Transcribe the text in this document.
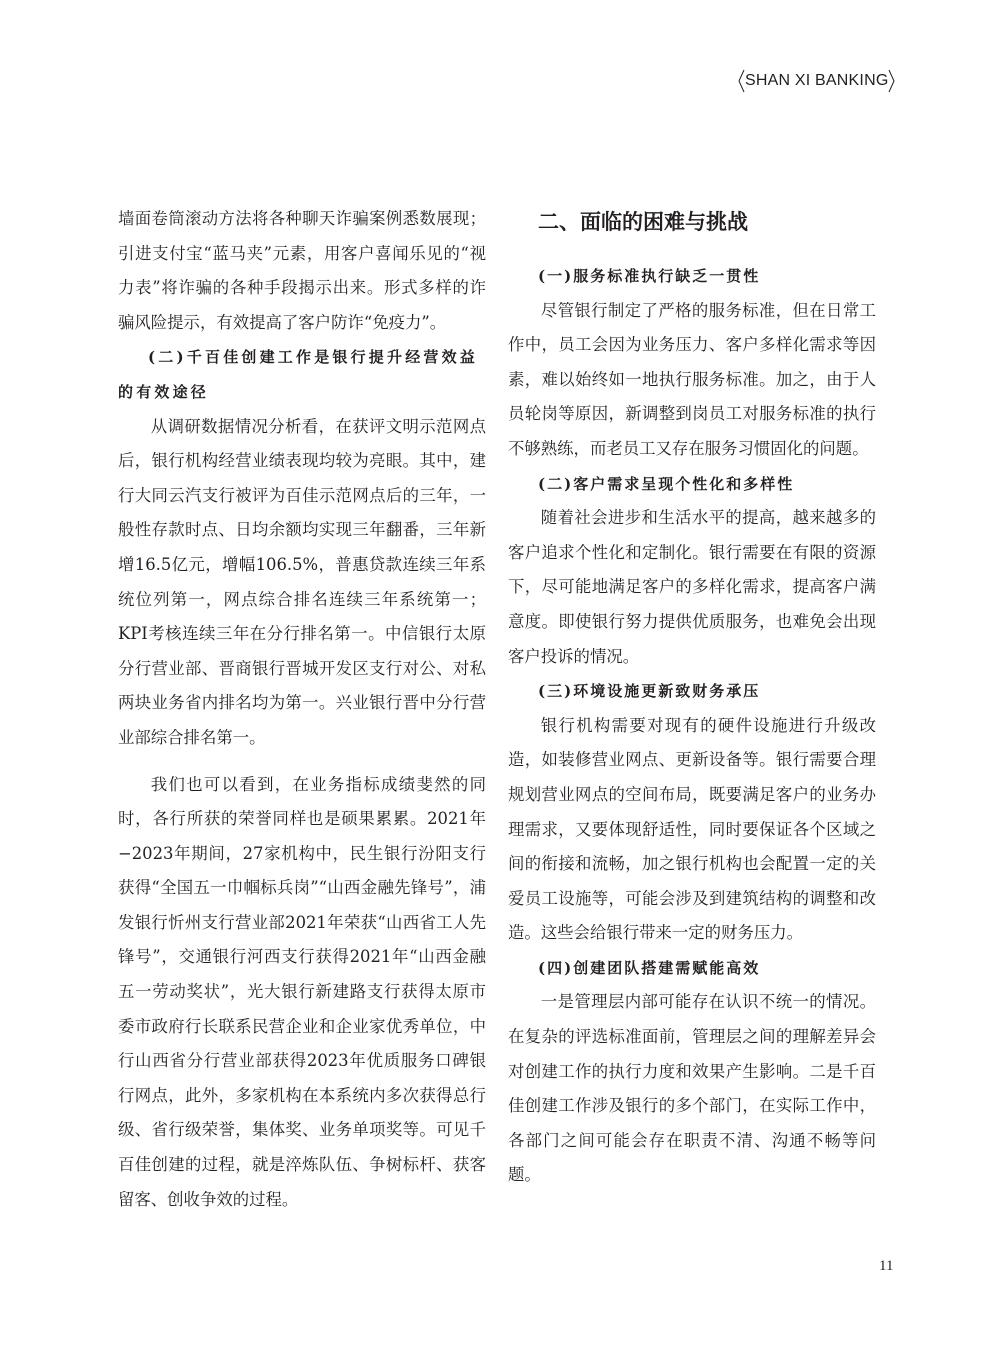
SHAN XI BANKING

墙面卷筒滚动方法将各种聊天诈骗案例悉数展现；引进支付宝“蓝马夹”元素，用客户喜闻乐见的“视力表”将诈骗的各种手段揭示出来。形式多样的诈骗风险提示，有效提高了客户防诈“免疫力”。

(二)千百佳创建工作是银行提升经营效益的有效途径

从调研数据情况分析看，在获评文明示范网点后，银行机构经营业绩表现均较为亮眼。其中，建行大同云汽支行被评为百佳示范网点后的三年，一般性存款时点、日均余额均实现三年翻番，三年新增16.5亿元，增幅106.5%，普惠贷款连续三年系统位列第一，网点综合排名连续三年系统第一；KPI考核连续三年在分行排名第一。中信银行太原分行营业部、晋商银行晋城开发区支行对公、对私两块业务省内排名均为第一。兴业银行晋中分行营业部综合排名第一。

我们也可以看到，在业务指标成绩斐然的同时，各行所获的荣誉同样也是硕果累累。2021年−2023年期间，27家机构中，民生银行汾阳支行获得“全国五一巾帼标兵岗”“山西金融先锋号”，浦发银行忻州支行营业部2021年荣获“山西省工人先锋号”，交通银行河西支行获得2021年“山西金融五一劳动奖状”，光大银行新建路支行获得太原市委市政府行长联系民营企业和企业家优秀单位，中行山西省分行营业部获得2023年优质服务口碑银行网点，此外，多家机构在本系统内多次获得总行级、省行级荣誉，集体奖、业务单项奖等。可见千百佳创建的过程，就是淬炼队伍、争树标杆、获客留客、创收争效的过程。

二、面临的困难与挑战

(一)服务标准执行缺乏一贯性

尽管银行制定了严格的服务标准，但在日常工作中，员工会因为业务压力、客户多样化需求等因素，难以始终如一地执行服务标准。加之，由于人员轮岗等原因，新调整到岗员工对服务标准的执行不够熟练，而老员工又存在服务习惯固化的问题。

(二)客户需求呈现个性化和多样性

随着社会进步和生活水平的提高，越来越多的客户追求个性化和定制化。银行需要在有限的资源下，尽可能地满足客户的多样化需求，提高客户满意度。即使银行努力提供优质服务，也难免会出现客户投诉的情况。

(三)环境设施更新致财务承压

银行机构需要对现有的硬件设施进行升级改造，如装修营业网点、更新设备等。银行需要合理规划营业网点的空间布局，既要满足客户的业务办理需求，又要体现舒适性，同时要保证各个区域之间的衔接和流畅，加之银行机构也会配置一定的关爱员工设施等，可能会涉及到建筑结构的调整和改造。这些会给银行带来一定的财务压力。

(四)创建团队搭建需赋能高效

一是管理层内部可能存在认识不统一的情况。在复杂的评选标准面前，管理层之间的理解差异会对创建工作的执行力度和效果产生影响。二是千百佳创建工作涉及银行的多个部门，在实际工作中，各部门之间可能会存在职责不清、沟通不畅等问题。

11
